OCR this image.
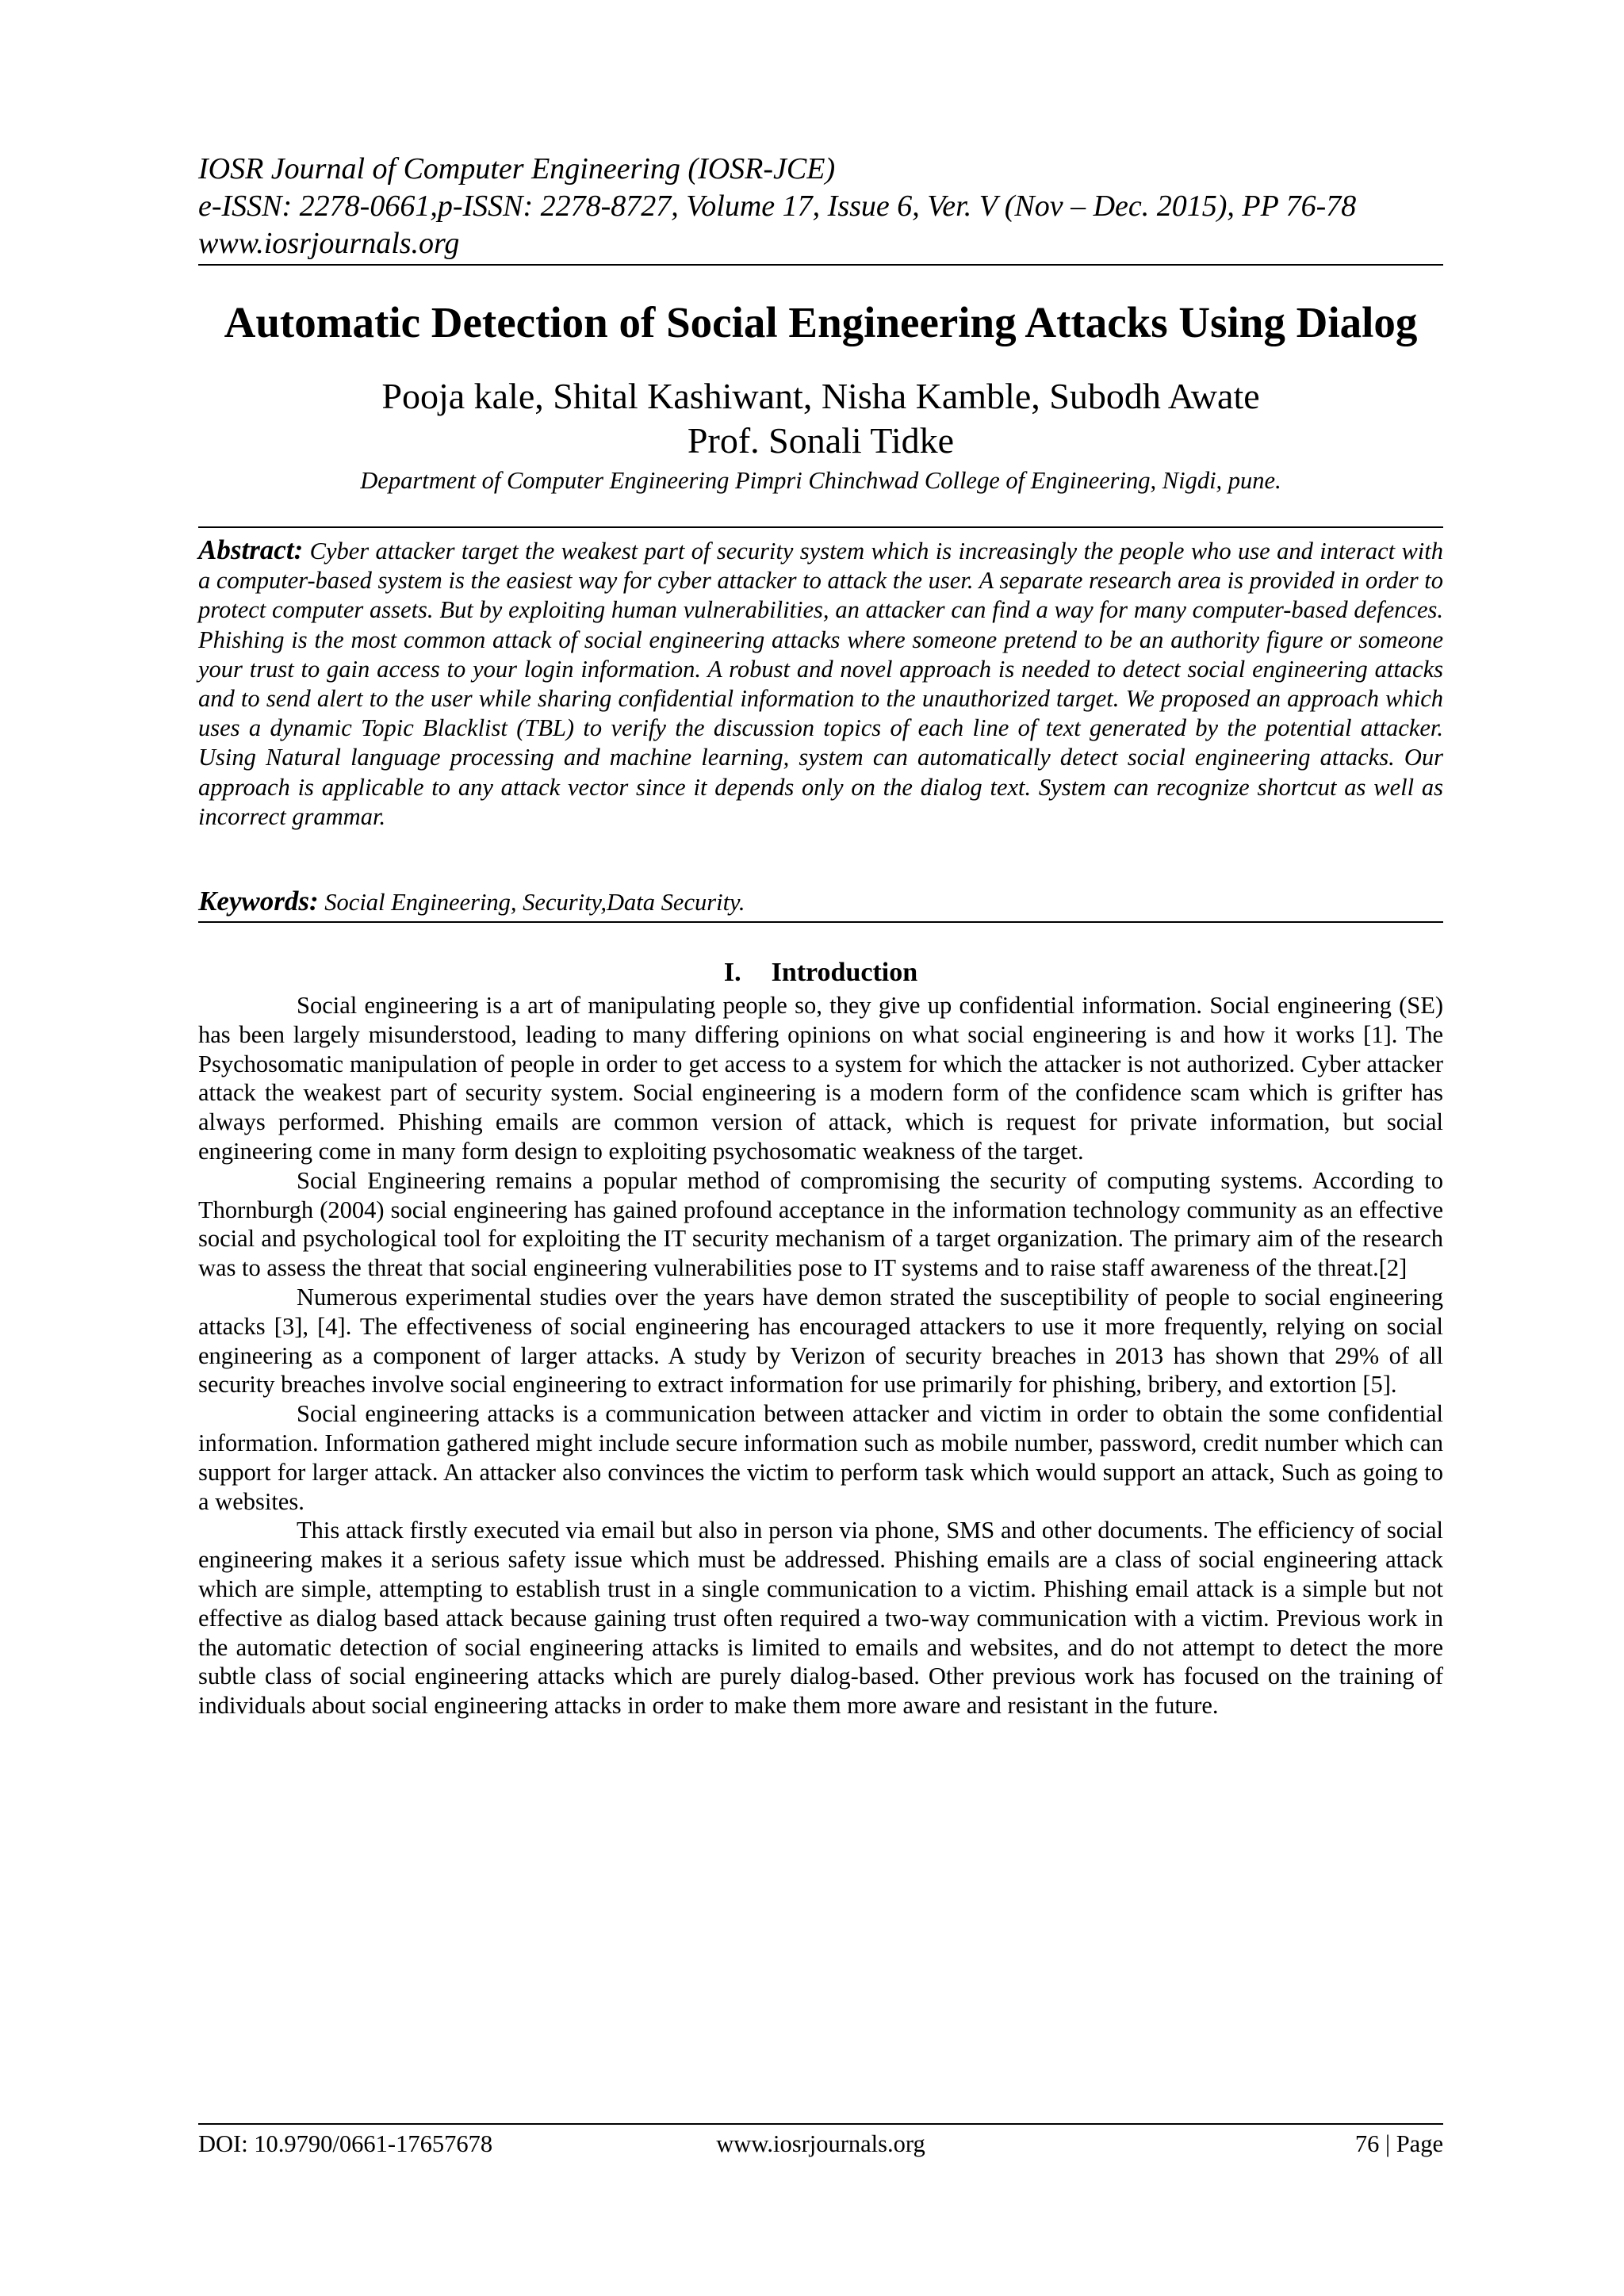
IOSR Journal of Computer Engineering (IOSR-JCE)
e-ISSN: 2278-0661,p-ISSN: 2278-8727, Volume 17, Issue 6, Ver. V (Nov – Dec. 2015), PP 76-78
www.iosrjournals.org
Automatic Detection of Social Engineering Attacks Using Dialog
Pooja kale, Shital Kashiwant, Nisha Kamble, Subodh Awate
Prof. Sonali Tidke
Department of Computer Engineering Pimpri Chinchwad College of Engineering, Nigdi, pune.
Abstract: Cyber attacker target the weakest part of security system which is increasingly the people who use and interact with a computer-based system is the easiest way for cyber attacker to attack the user. A separate research area is provided in order to protect computer assets. But by exploiting human vulnerabilities, an attacker can find a way for many computer-based defences. Phishing is the most common attack of social engineering attacks where someone pretend to be an authority figure or someone your trust to gain access to your login information. A robust and novel approach is needed to detect social engineering attacks and to send alert to the user while sharing confidential information to the unauthorized target. We proposed an approach which uses a dynamic Topic Blacklist (TBL) to verify the discussion topics of each line of text generated by the potential attacker. Using Natural language processing and machine learning, system can automatically detect social engineering attacks. Our approach is applicable to any attack vector since it depends only on the dialog text. System can recognize shortcut as well as incorrect grammar.
Keywords: Social Engineering, Security,Data Security.
I. Introduction

Social engineering is a art of manipulating people so, they give up confidential information. Social engineering (SE) has been largely misunderstood, leading to many differing opinions on what social engineering is and how it works [1]. The Psychosomatic manipulation of people in order to get access to a system for which the attacker is not authorized. Cyber attacker attack the weakest part of security system. Social engineering is a modern form of the confidence scam which is grifter has always performed. Phishing emails are common version of attack, which is request for private information, but social engineering come in many form design to exploiting psychosomatic weakness of the target.

Social Engineering remains a popular method of compromising the security of computing systems. According to Thornburgh (2004) social engineering has gained profound acceptance in the information technology community as an effective social and psychological tool for exploiting the IT security mechanism of a target organization. The primary aim of the research was to assess the threat that social engineering vulnerabilities pose to IT systems and to raise staff awareness of the threat.[2]

Numerous experimental studies over the years have demon strated the susceptibility of people to social engineering attacks [3], [4]. The effectiveness of social engineering has encouraged attackers to use it more frequently, relying on social engineering as a component of larger attacks. A study by Verizon of security breaches in 2013 has shown that 29% of all security breaches involve social engineering to extract information for use primarily for phishing, bribery, and extortion [5].

Social engineering attacks is a communication between attacker and victim in order to obtain the some confidential information. Information gathered might include secure information such as mobile number, password, credit number which can support for larger attack. An attacker also convinces the victim to perform task which would support an attack, Such as going to a websites.

This attack firstly executed via email but also in person via phone, SMS and other documents. The efficiency of social engineering makes it a serious safety issue which must be addressed. Phishing emails are a class of social engineering attack which are simple, attempting to establish trust in a single communication to a victim. Phishing email attack is a simple but not effective as dialog based attack because gaining trust often required a two-way communication with a victim. Previous work in the automatic detection of social engineering attacks is limited to emails and websites, and do not attempt to detect the more subtle class of social engineering attacks which are purely dialog-based. Other previous work has focused on the training of individuals about social engineering attacks in order to make them more aware and resistant in the future.

DOI: 10.9790/0661-17657678	www.iosrjournals.org	76 | Page
